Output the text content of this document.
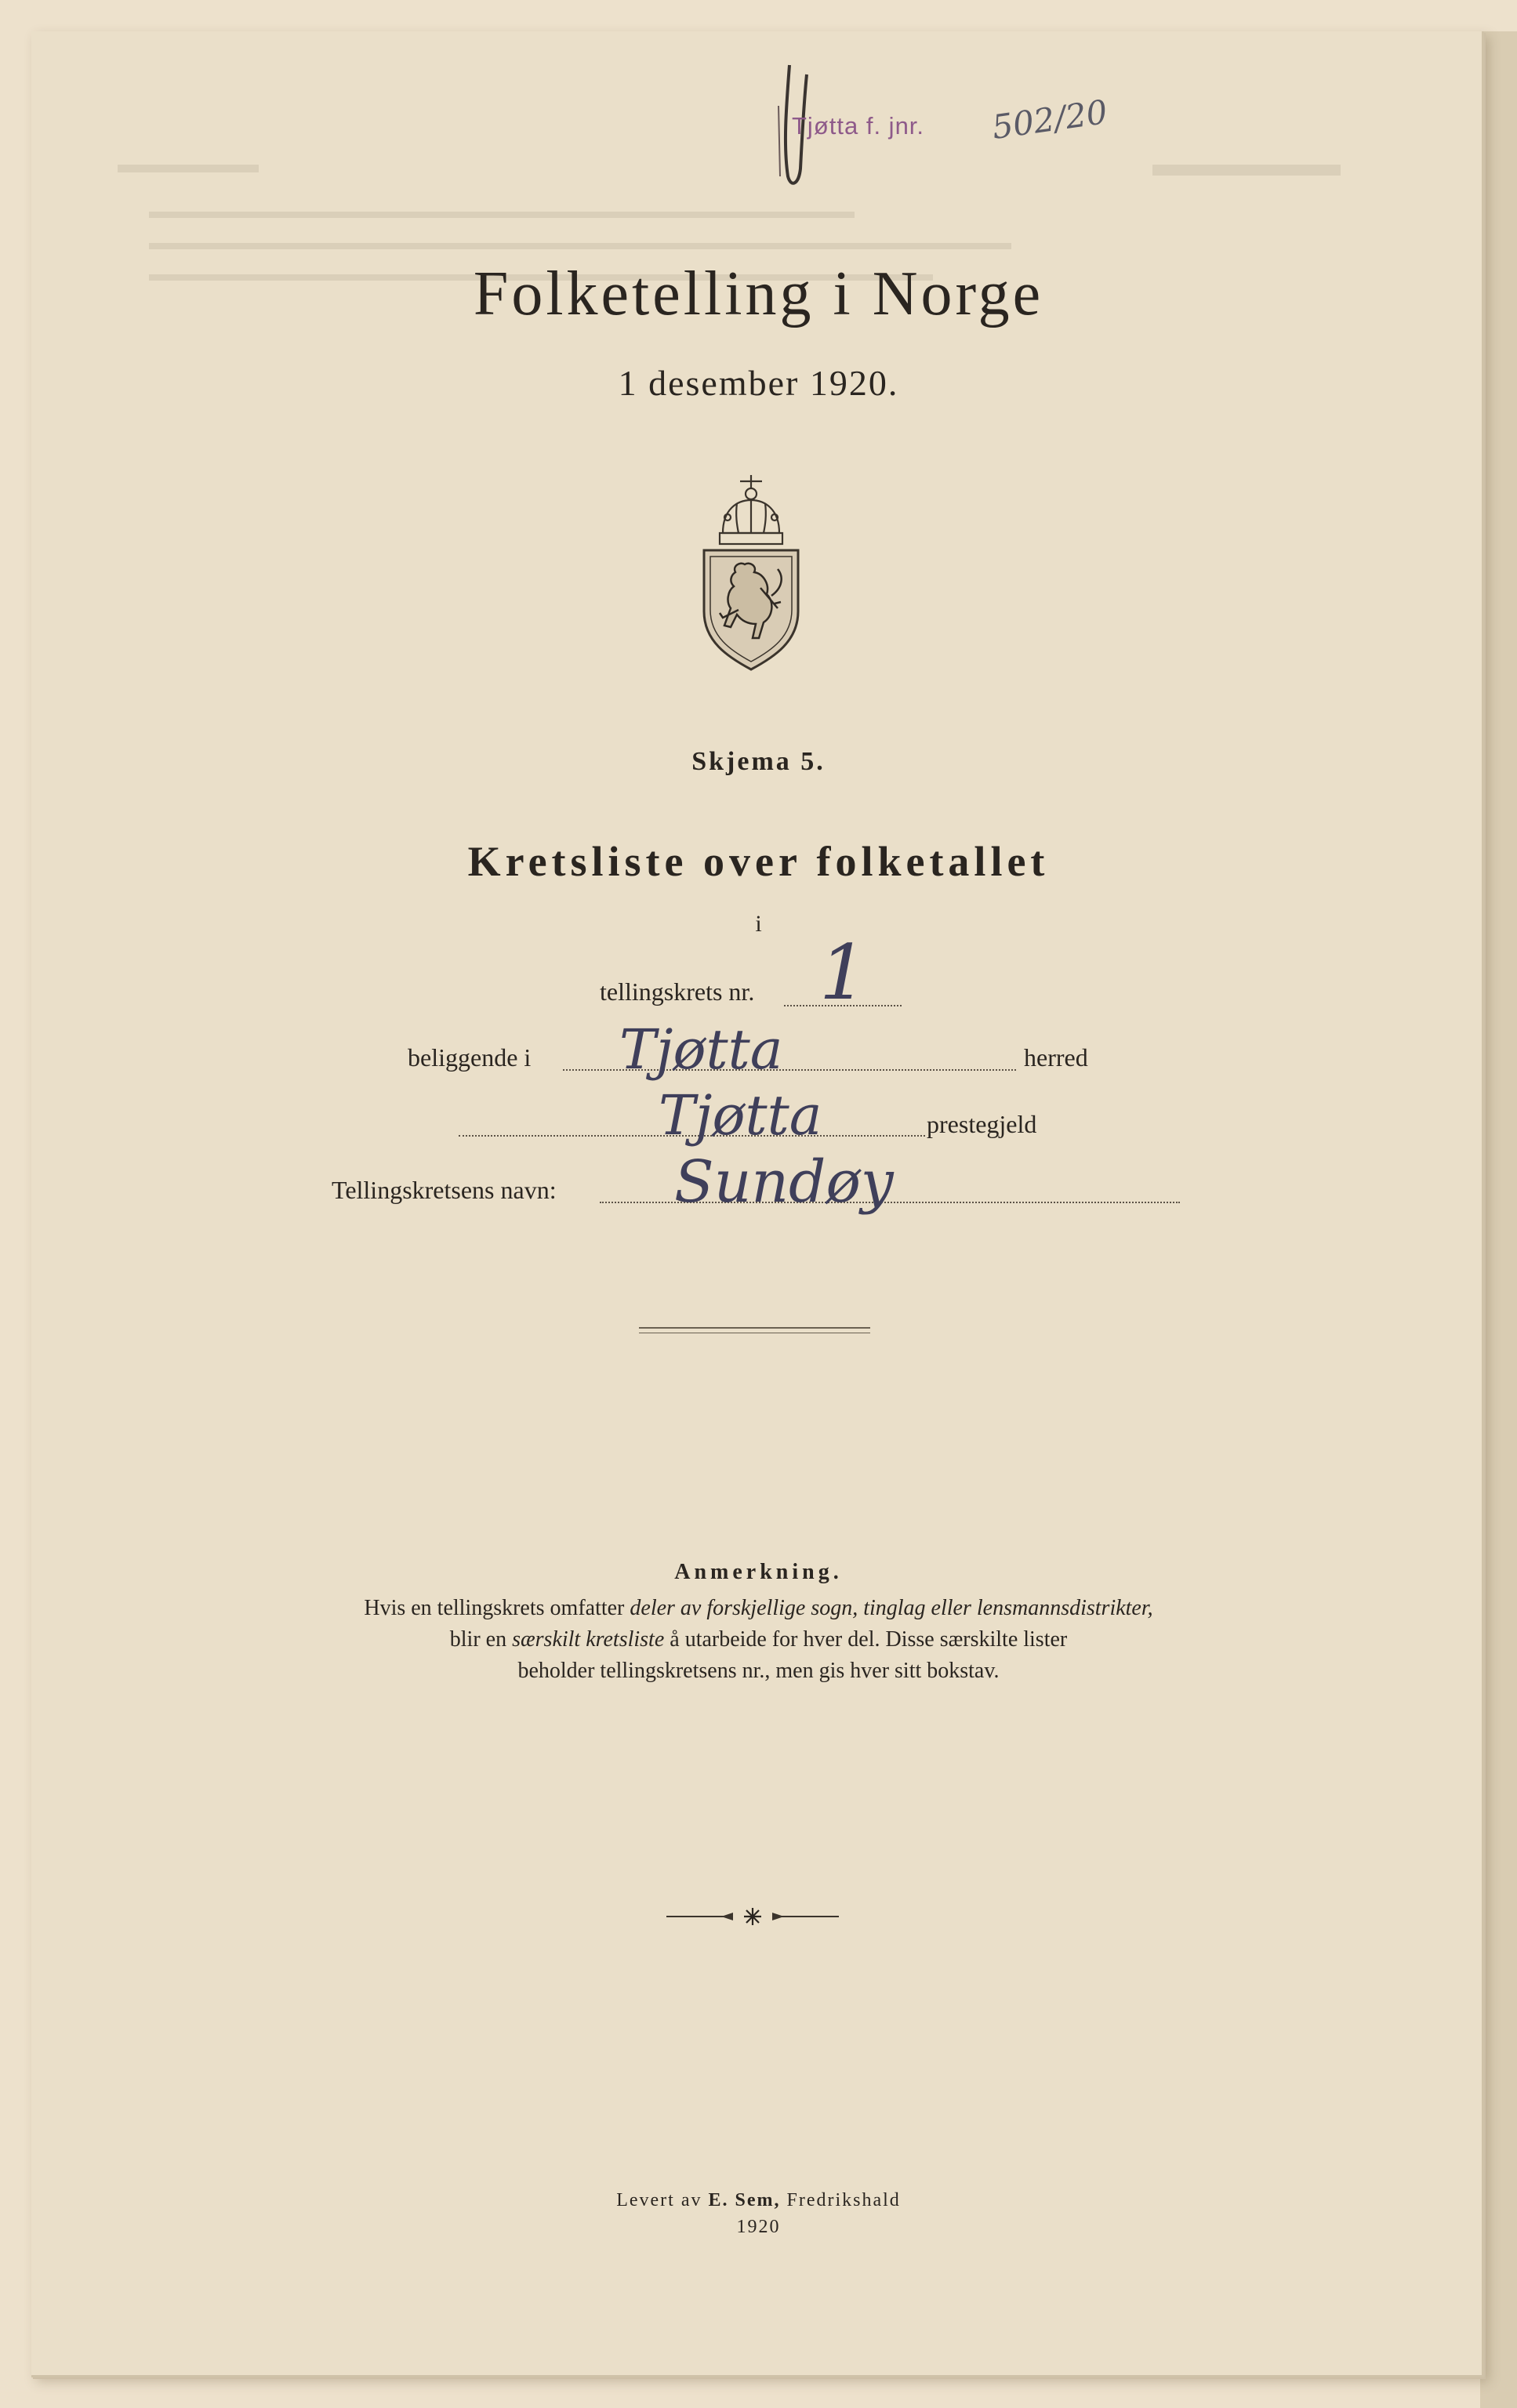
Tjøtta f. jnr. 502/20
Folketelling i Norge
1 desember 1920.
Skjema 5.
Kretsliste over folketallet
i
tellingskrets nr. 1
beliggende i Tjøtta	herred
Tjøtta	prestegjeld
Tellingskretsens navn: Sundøy
Anmerkning.
Hvis en tellingskrets omfatter deler av forskjellige sogn, tinglag eller lensmannsdistrikter,
blir en særskilt kretsliste å utarbeide for hver del. Disse særskilte lister
beholder tellingskretsens nr., men gis hver sitt bokstav.
Levert av E. Sem, Fredrikshald
1920
